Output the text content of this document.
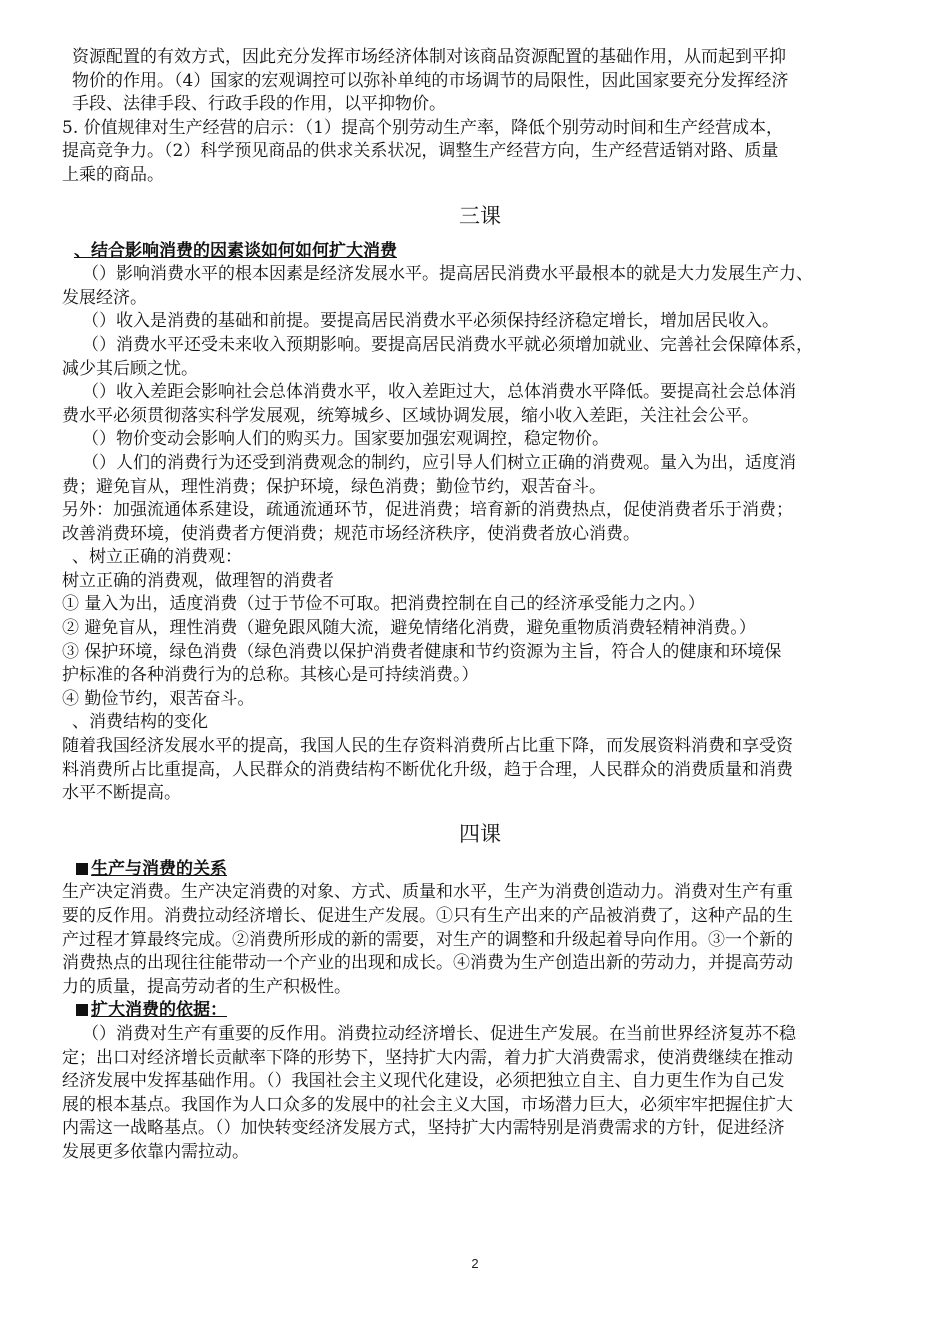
资源配置的有效方式，因此充分发挥市场经济体制对该商品资源配置的基础作用，从而起到平抑
物价的作用。（4）国家的宏观调控可以弥补单纯的市场调节的局限性，因此国家要充分发挥经济
手段、法律手段、行政手段的作用，以平抑物价。
5. 价值规律对生产经营的启示：（1）提高个别劳动生产率，降低个别劳动时间和生产经营成本，
提高竞争力。（2）科学预见商品的供求关系状况，调整生产经营方向，生产经营适销对路、质量
上乘的商品。
三课
、结合影响消费的因素谈如何如何扩大消费
（）影响消费水平的根本因素是经济发展水平。提高居民消费水平最根本的就是大力发展生产力、
发展经济。
（）收入是消费的基础和前提。要提高居民消费水平必须保持经济稳定增长，增加居民收入。
（）消费水平还受未来收入预期影响。要提高居民消费水平就必须增加就业、完善社会保障体系，
减少其后顾之忧。
（）收入差距会影响社会总体消费水平，收入差距过大，总体消费水平降低。要提高社会总体消
费水平必须贯彻落实科学发展观，统筹城乡、区域协调发展，缩小收入差距，关注社会公平。
（）物价变动会影响人们的购买力。国家要加强宏观调控，稳定物价。
（）人们的消费行为还受到消费观念的制约，应引导人们树立正确的消费观。量入为出，适度消
费；避免盲从，理性消费；保护环境，绿色消费；勤俭节约，艰苦奋斗。
另外：加强流通体系建设，疏通流通环节，促进消费；培育新的消费热点，促使消费者乐于消费；
改善消费环境，使消费者方便消费；规范市场经济秩序，使消费者放心消费。
、树立正确的消费观：
树立正确的消费观，做理智的消费者
① 量入为出，适度消费（过于节俭不可取。把消费控制在自己的经济承受能力之内。）
② 避免盲从，理性消费（避免跟风随大流，避免情绪化消费，避免重物质消费轻精神消费。）
③ 保护环境，绿色消费（绿色消费以保护消费者健康和节约资源为主旨，符合人的健康和环境保
护标准的各种消费行为的总称。其核心是可持续消费。）
④ 勤俭节约，艰苦奋斗。
、消费结构的变化
随着我国经济发展水平的提高，我国人民的生存资料消费所占比重下降，而发展资料消费和享受资
料消费所占比重提高，人民群众的消费结构不断优化升级，趋于合理，人民群众的消费质量和消费
水平不断提高。
四课
生产与消费的关系
生产决定消费。生产决定消费的对象、方式、质量和水平，生产为消费创造动力。消费对生产有重
要的反作用。消费拉动经济增长、促进生产发展。①只有生产出来的产品被消费了，这种产品的生
产过程才算最终完成。②消费所形成的新的需要，对生产的调整和升级起着导向作用。③一个新的
消费热点的出现往往能带动一个产业的出现和成长。④消费为生产创造出新的劳动力，并提高劳动
力的质量，提高劳动者的生产积极性。
扩大消费的依据：
（）消费对生产有重要的反作用。消费拉动经济增长、促进生产发展。在当前世界经济复苏不稳
定；出口对经济增长贡献率下降的形势下，坚持扩大内需，着力扩大消费需求，使消费继续在推动
经济发展中发挥基础作用。（）我国社会主义现代化建设，必须把独立自主、自力更生作为自己发
展的根本基点。我国作为人口众多的发展中的社会主义大国，市场潜力巨大，必须牢牢把握住扩大
内需这一战略基点。（）加快转变经济发展方式，坚持扩大内需特别是消费需求的方针，促进经济
发展更多依靠内需拉动。
2
